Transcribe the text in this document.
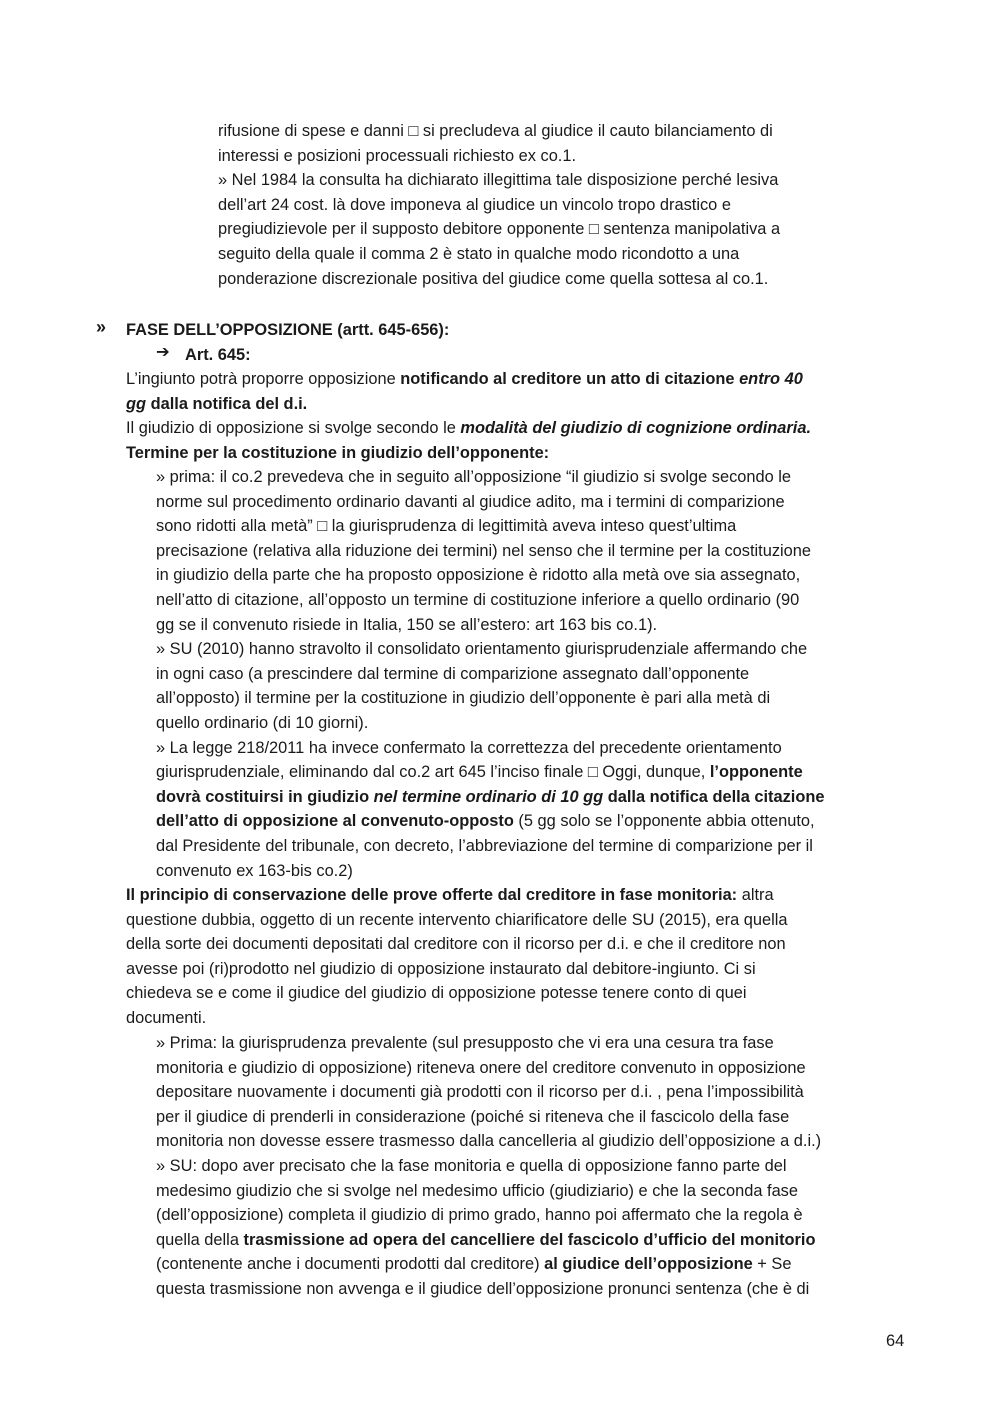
rifusione di spese e danni □ si precludeva al giudice il cauto bilanciamento di
interessi e posizioni processuali richiesto ex co.1.
» Nel 1984 la consulta ha dichiarato illegittima tale disposizione perché lesiva
dell’art 24 cost. là dove imponeva al giudice un vincolo tropo drastico e
pregiudizievole per il supposto debitore opponente □ sentenza manipolativa a
seguito della quale il comma 2 è stato in qualche modo ricondotto a una
ponderazione discrezionale positiva del giudice come quella sottesa al co.1.
» FASE DELL’OPPOSIZIONE (artt. 645-656):
➔ Art. 645:
L’ingiunto potrà proporre opposizione notificando al creditore un atto di citazione entro 40
gg dalla notifica del d.i.
Il giudizio di opposizione si svolge secondo le modalità del giudizio di cognizione ordinaria.
Termine per la costituzione in giudizio dell’opponente:
» prima: il co.2 prevedeva che in seguito all’opposizione “il giudizio si svolge secondo le
norme sul procedimento ordinario davanti al giudice adito, ma i termini di comparizione
sono ridotti alla metà” □ la giurisprudenza di legittimità aveva inteso quest’ultima
precisazione (relativa alla riduzione dei termini) nel senso che il termine per la costituzione
in giudizio della parte che ha proposto opposizione è ridotto alla metà ove sia assegnato,
nell’atto di citazione, all’opposto un termine di costituzione inferiore a quello ordinario (90
gg se il convenuto risiede in Italia, 150 se all’estero: art 163 bis co.1).
» SU (2010) hanno stravolto il consolidato orientamento giurisprudenziale affermando che
in ogni caso (a prescindere dal termine di comparizione assegnato dall’opponente
all’opposto) il termine per la costituzione in giudizio dell’opponente è pari alla metà di
quello ordinario (di 10 giorni).
» La legge 218/2011 ha invece confermato la correttezza del precedente orientamento
giurisprudenziale, eliminando dal co.2 art 645 l’inciso finale □ Oggi, dunque, l’opponente
dovrà costituirsi in giudizio nel termine ordinario di 10 gg dalla notifica della citazione
dell’atto di opposizione al convenuto-opposto (5 gg solo se l’opponente abbia ottenuto,
dal Presidente del tribunale, con decreto, l’abbreviazione del termine di comparizione per il
convenuto ex 163-bis co.2)
Il principio di conservazione delle prove offerte dal creditore in fase monitoria: altra
questione dubbia, oggetto di un recente intervento chiarificatore delle SU (2015), era quella
della sorte dei documenti depositati dal creditore con il ricorso per d.i. e che il creditore non
avesse poi (ri)prodotto nel giudizio di opposizione instaurato dal debitore-ingiunto. Ci si
chiedeva se e come il giudice del giudizio di opposizione potesse tenere conto di quei
documenti.
» Prima: la giurisprudenza prevalente (sul presupposto che vi era una cesura tra fase
monitoria e giudizio di opposizione) riteneva onere del creditore convenuto in opposizione
depositare nuovamente i documenti già prodotti con il ricorso per d.i. , pena l’impossibilità
per il giudice di prenderli in considerazione (poiché si riteneva che il fascicolo della fase
monitoria non dovesse essere trasmesso dalla cancelleria al giudizio dell’opposizione a d.i.)
» SU: dopo aver precisato che la fase monitoria e quella di opposizione fanno parte del
medesimo giudizio che si svolge nel medesimo ufficio (giudiziario) e che la seconda fase
(dell’opposizione) completa il giudizio di primo grado, hanno poi affermato che la regola è
quella della trasmissione ad opera del cancelliere del fascicolo d’ufficio del monitorio
(contenente anche i documenti prodotti dal creditore) al giudice dell’opposizione + Se
questa trasmissione non avvenga e il giudice dell’opposizione pronunci sentenza (che è di
64
